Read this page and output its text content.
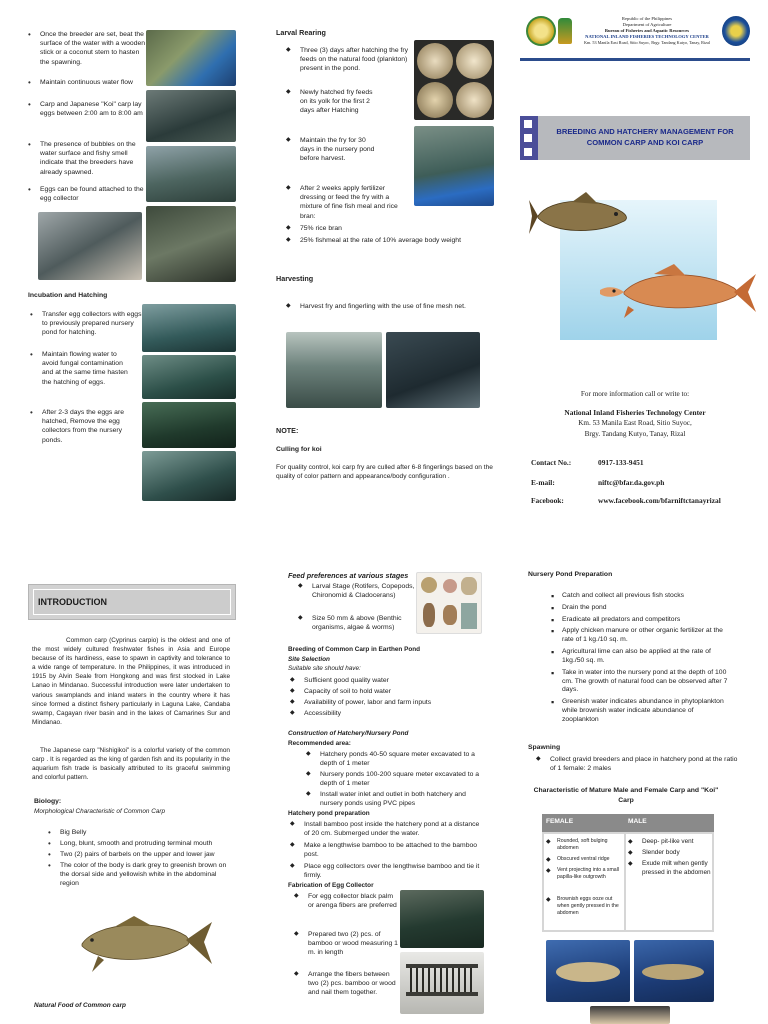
• Once the breeder are set, beat the surface of the water with a wooden stick or a coconut stem to hasten the spawning.
• Maintain continuous water flow
• Carp and Japanese "Koi" carp lay eggs between 2:00 am to 8:00 am
• The presence of bubbles on the water surface and fishy smell indicate that the breeders have already spawned.
• Eggs can be found attached to the egg collector
Incubation and Hatching
• Transfer egg collectors with eggs to previously prepared nursery pond for hatching.
• Maintain flowing water to avoid fungal contamination and at the same time hasten the hatching of eggs.
• After 2-3 days the eggs are hatched, Remove the egg collectors from the nursery ponds.
Larval Rearing
◆ Three (3) days after hatching the fry feeds on the natural food (plankton) present in the pond.
◆ Newly hatched fry feeds on its yolk for the first 2 days after Hatching
◆ Maintain the fry for 30 days in the nursery pond before harvest.
◆ After 2 weeks apply fertilizer dressing or feed the fry with a mixture of fine fish meal and rice bran:
◆ 75% rice bran
◆ 25% fishmeal at the rate of 10% average body weight
Harvesting
◆ Harvest fry and fingerling with the use of fine mesh net.
NOTE:
Culling for koi
For quality control, koi carp fry are culled after 6-8 fingerlings based on the quality of color pattern and appearance/body configuration .
Republic of the Philippines
Department of Agriculture
Bureau of Fisheries and Aquatic Resources
NATIONAL INLAND FISHERIES TECHNOLOGY CENTER
Km. 53 Manila East Road, Sitio Suyoc, Brgy. Tandang Kutyo, Tanay, Rizal
BREEDING AND HATCHERY MANAGEMENT FOR COMMON CARP AND KOI CARP
For more information call or write to:
National Inland Fisheries Technology Center
Km. 53 Manila East Road, Sitio Suyoc,
Brgy. Tandang Kutyo, Tanay, Rizal
Contact No.:	0917-133-9451
E-mail:	niftc@bfar.da.gov.ph
Facebook:	www.facebook.com/bfarniftctanayrizal
INTRODUCTION
Common carp (Cyprinus carpio) is the oldest and one of the most widely cultured freshwater fishes in Asia and Europe because of its hardiness, ease to spawn in captivity and tolerance to a wide range of temperature. In the Philippines, it was introduced in 1915 by Alvin Seale from Hongkong and was first stocked in Lake Lanao in Mindanao. Successful introduction were later undertaken to various swamplands and inland waters in the country where it has since formed a distinct fishery particularly in Laguna Lake, Candaba swamp, Cagayan river basin and in the lakes of Camarines Sur and Mindanao.
The Japanese carp "Nishigikoi" is a colorful variety of the common carp . It is regarded as the king of garden fish and its popularity in the aquarium fish trade is basically attributed to its graceful swimming and colorful pattern.
Biology:
Morphological Characteristic of Common Carp
• Big Belly
• Long, blunt, smooth and protruding terminal mouth
• Two (2) pairs of barbels on the upper and lower jaw
• The color of the body is dark grey to greenish brown on the dorsal side and yellowish white in the abdominal region
Natural Food of Common carp
Feed preferences at various stages
◆ Larval Stage (Rotifers, Copepods, Chironomid & Cladocerans)
◆ Size 50 mm & above (Benthic organisms, algae & worms)
Breeding of Common Carp in Earthen Pond
Site Selection
Suitable site should have:
◆ Sufficient good quality water
◆ Capacity of soil to hold water
◆ Availability of power, labor and farm inputs
◆ Accessibility
Construction of Hatchery/Nursery Pond
Recommended area:
◆ Hatchery ponds 40-50 square meter excavated to a depth of 1 meter
◆ Nursery ponds 100-200 square meter excavated to a depth of 1 meter
◆ Install water inlet and outlet in both hatchery and nursery ponds using PVC pipes
Hatchery pond preparation
◆ Install bamboo post inside the hatchery pond at a distance of 20 cm. Submerged under the water.
◆ Make a lengthwise bamboo to be attached to the bamboo post.
◆ Place egg collectors over the lengthwise bamboo and tie it firmly.
Fabrication of Egg Collector
◆ For egg collector black palm or arenga fibers are preferred
◆ Prepared two (2) pcs. of bamboo or wood measuring 1 m. in length
◆ Arrange the fibers between two (2) pcs. bamboo or wood and nail them together.
Nursery Pond Preparation
▪ Catch and collect all previous fish stocks
▪ Drain the pond
▪ Eradicate all predators and competitors
▪ Apply chicken manure or other organic fertilizer at the rate of 1 kg./10 sq. m.
▪ Agricultural lime can also be applied at the rate of 1kg./50 sq. m.
▪ Take in water into the nursery pond at the depth of 100 cm. The growth of natural food can be observed after 7 days.
▪ Greenish water indicates abundance in phytoplankton while brownish water indicate abundance of zooplankton
Spawning
◆ Collect gravid breeders and place in hatchery pond at the ratio of 1 female: 2 males
Characteristic of Mature Male and Female Carp and "Koi" Carp
FEMALE	MALE
◆ Rounded, soft bulging abdomen
◆ Obscured ventral ridge
◆ Vent projecting into a small papilla-like outgrowth
◆ Brownish eggs ooze out when gently pressed in the abdomen
◆ Deep- pit-like vent
◆ Slender body
◆ Exude milt when gently pressed in the abdomen
